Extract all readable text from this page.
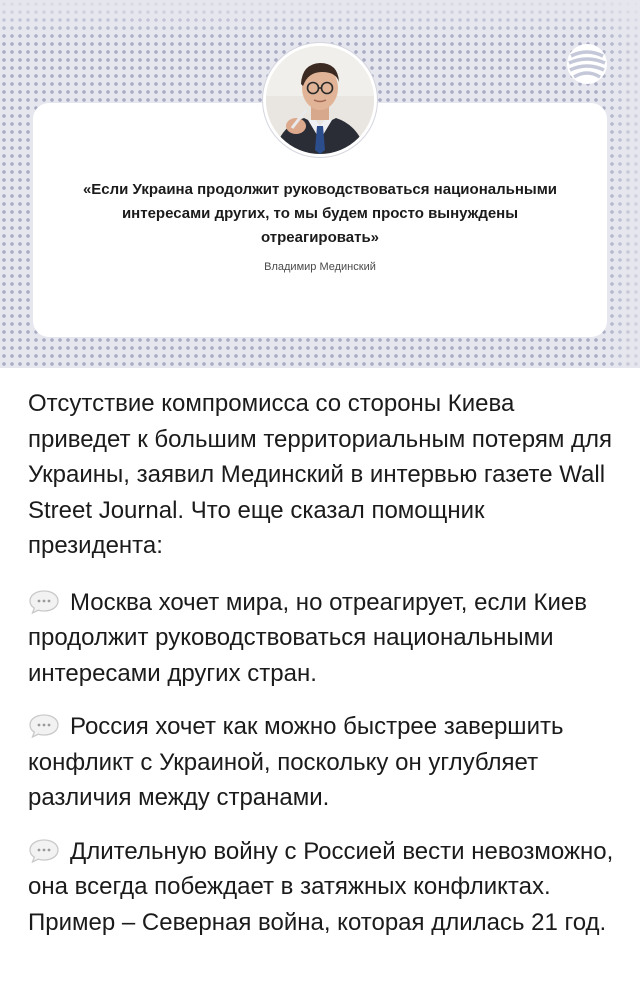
«Если Украина продолжит руководствоваться национальными интересами других, то мы будем просто вынуждены отреагировать»

Владимир Мединский

Отсутствие компромисса со стороны Киева приведет к большим территориальным потерям для Украины, заявил Мединский в интервью газете Wall Street Journal. Что еще сказал помощник президента:

Москва хочет мира, но отреагирует, если Киев продолжит руководствоваться национальными интересами других стран.

Россия хочет как можно быстрее завершить конфликт с Украиной, поскольку он углубляет различия между странами.

Длительную войну с Россией вести невозможно, она всегда побеждает в затяжных конфликтах. Пример – Северная война, которая длилась 21 год.
